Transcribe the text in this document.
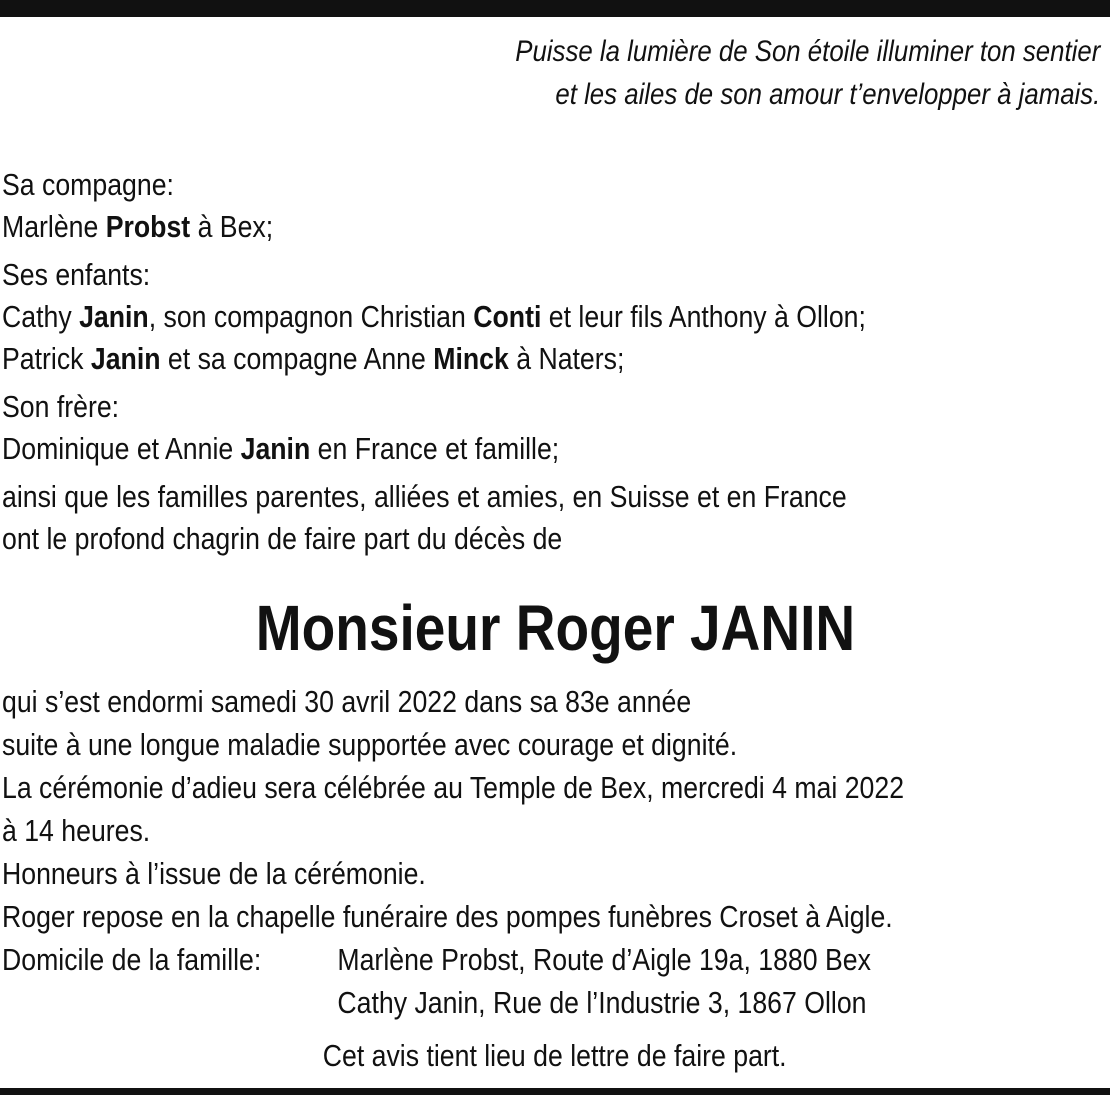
Puisse la lumière de Son étoile illuminer ton sentier
et les ailes de son amour t’envelopper à jamais.
Sa compagne:
Marlène Probst à Bex;
Ses enfants:
Cathy Janin, son compagnon Christian Conti et leur fils Anthony à Ollon;
Patrick Janin et sa compagne Anne Minck à Naters;
Son frère:
Dominique et Annie Janin en France et famille;
ainsi que les familles parentes, alliées et amies, en Suisse et en France
ont le profond chagrin de faire part du décès de
Monsieur Roger JANIN
qui s’est endormi samedi 30 avril 2022 dans sa 83e année
suite à une longue maladie supportée avec courage et dignité.
La cérémonie d’adieu sera célébrée au Temple de Bex, mercredi 4 mai 2022
à 14 heures.
Honneurs à l’issue de la cérémonie.
Roger repose en la chapelle funéraire des pompes funèbres Croset à Aigle.
Domicile de la famille: Marlène Probst, Route d’Aigle 19a, 1880 Bex
Cathy Janin, Rue de l’Industrie 3, 1867 Ollon
Cet avis tient lieu de lettre de faire part.
